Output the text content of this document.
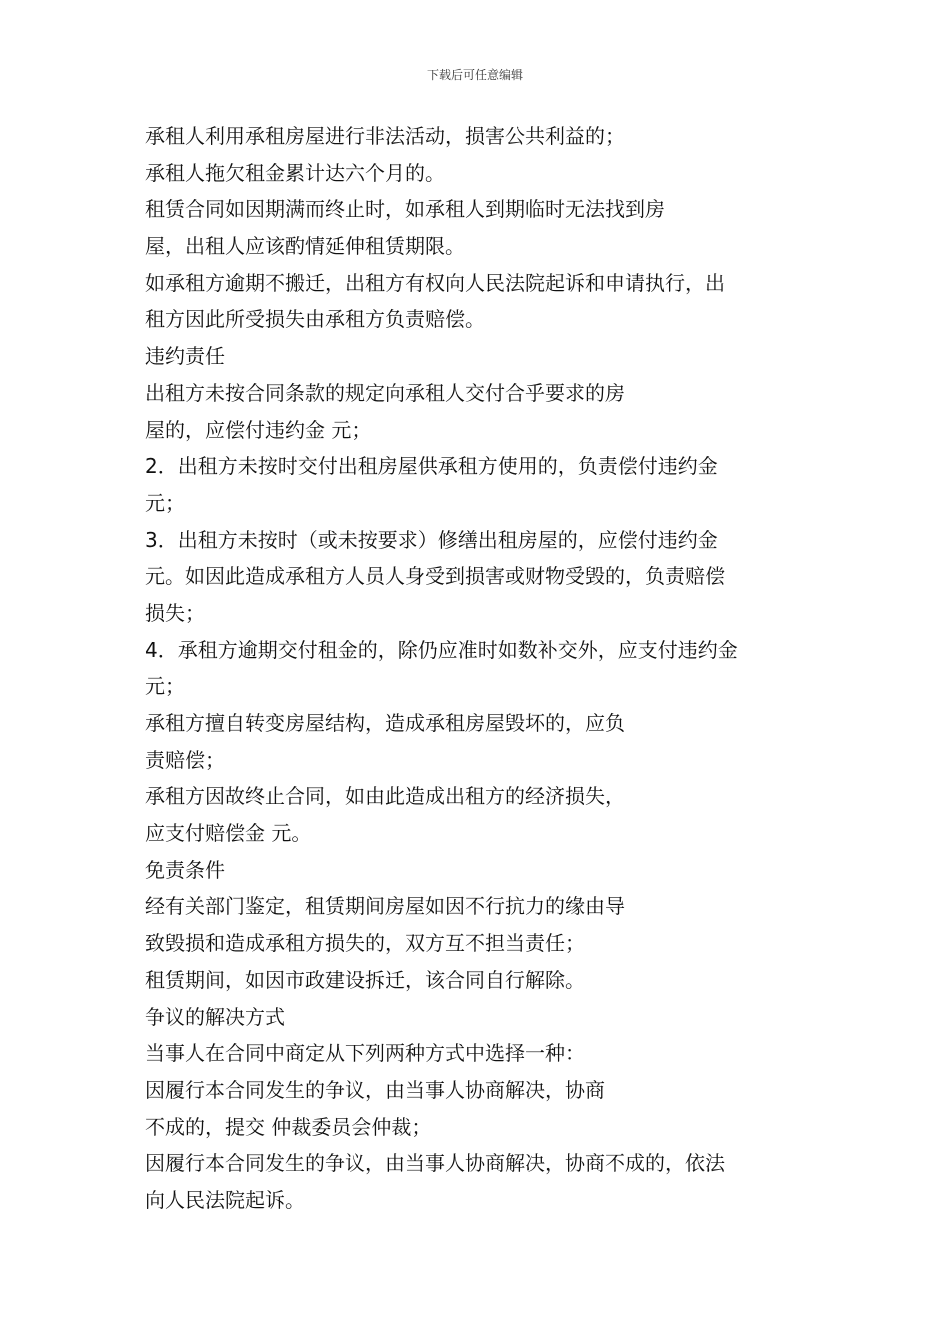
下载后可任意编辑
承租人利用承租房屋进行非法活动，损害公共利益的；
承租人拖欠租金累计达六个月的。
租赁合同如因期满而终止时，如承租人到期临时无法找到房
屋，出租人应该酌情延伸租赁期限。
如承租方逾期不搬迁，出租方有权向人民法院起诉和申请执行，出
租方因此所受损失由承租方负责赔偿。
违约责任
出租方未按合同条款的规定向承租人交付合乎要求的房
屋的，应偿付违约金 元；
2．出租方未按时交付出租房屋供承租方使用的，负责偿付违约金
元；
3．出租方未按时（或未按要求）修缮出租房屋的，应偿付违约金
元。如因此造成承租方人员人身受到损害或财物受毁的，负责赔偿
损失；
4．承租方逾期交付租金的，除仍应准时如数补交外，应支付违约金
元；
承租方擅自转变房屋结构，造成承租房屋毁坏的，应负
责赔偿；
承租方因故终止合同，如由此造成出租方的经济损失，
应支付赔偿金 元。
免责条件
经有关部门鉴定，租赁期间房屋如因不行抗力的缘由导
致毁损和造成承租方损失的，双方互不担当责任；
租赁期间，如因市政建设拆迁，该合同自行解除。
争议的解决方式
当事人在合同中商定从下列两种方式中选择一种：
因履行本合同发生的争议，由当事人协商解决，协商
不成的，提交 仲裁委员会仲裁；
因履行本合同发生的争议，由当事人协商解决，协商不成的，依法
向人民法院起诉。
